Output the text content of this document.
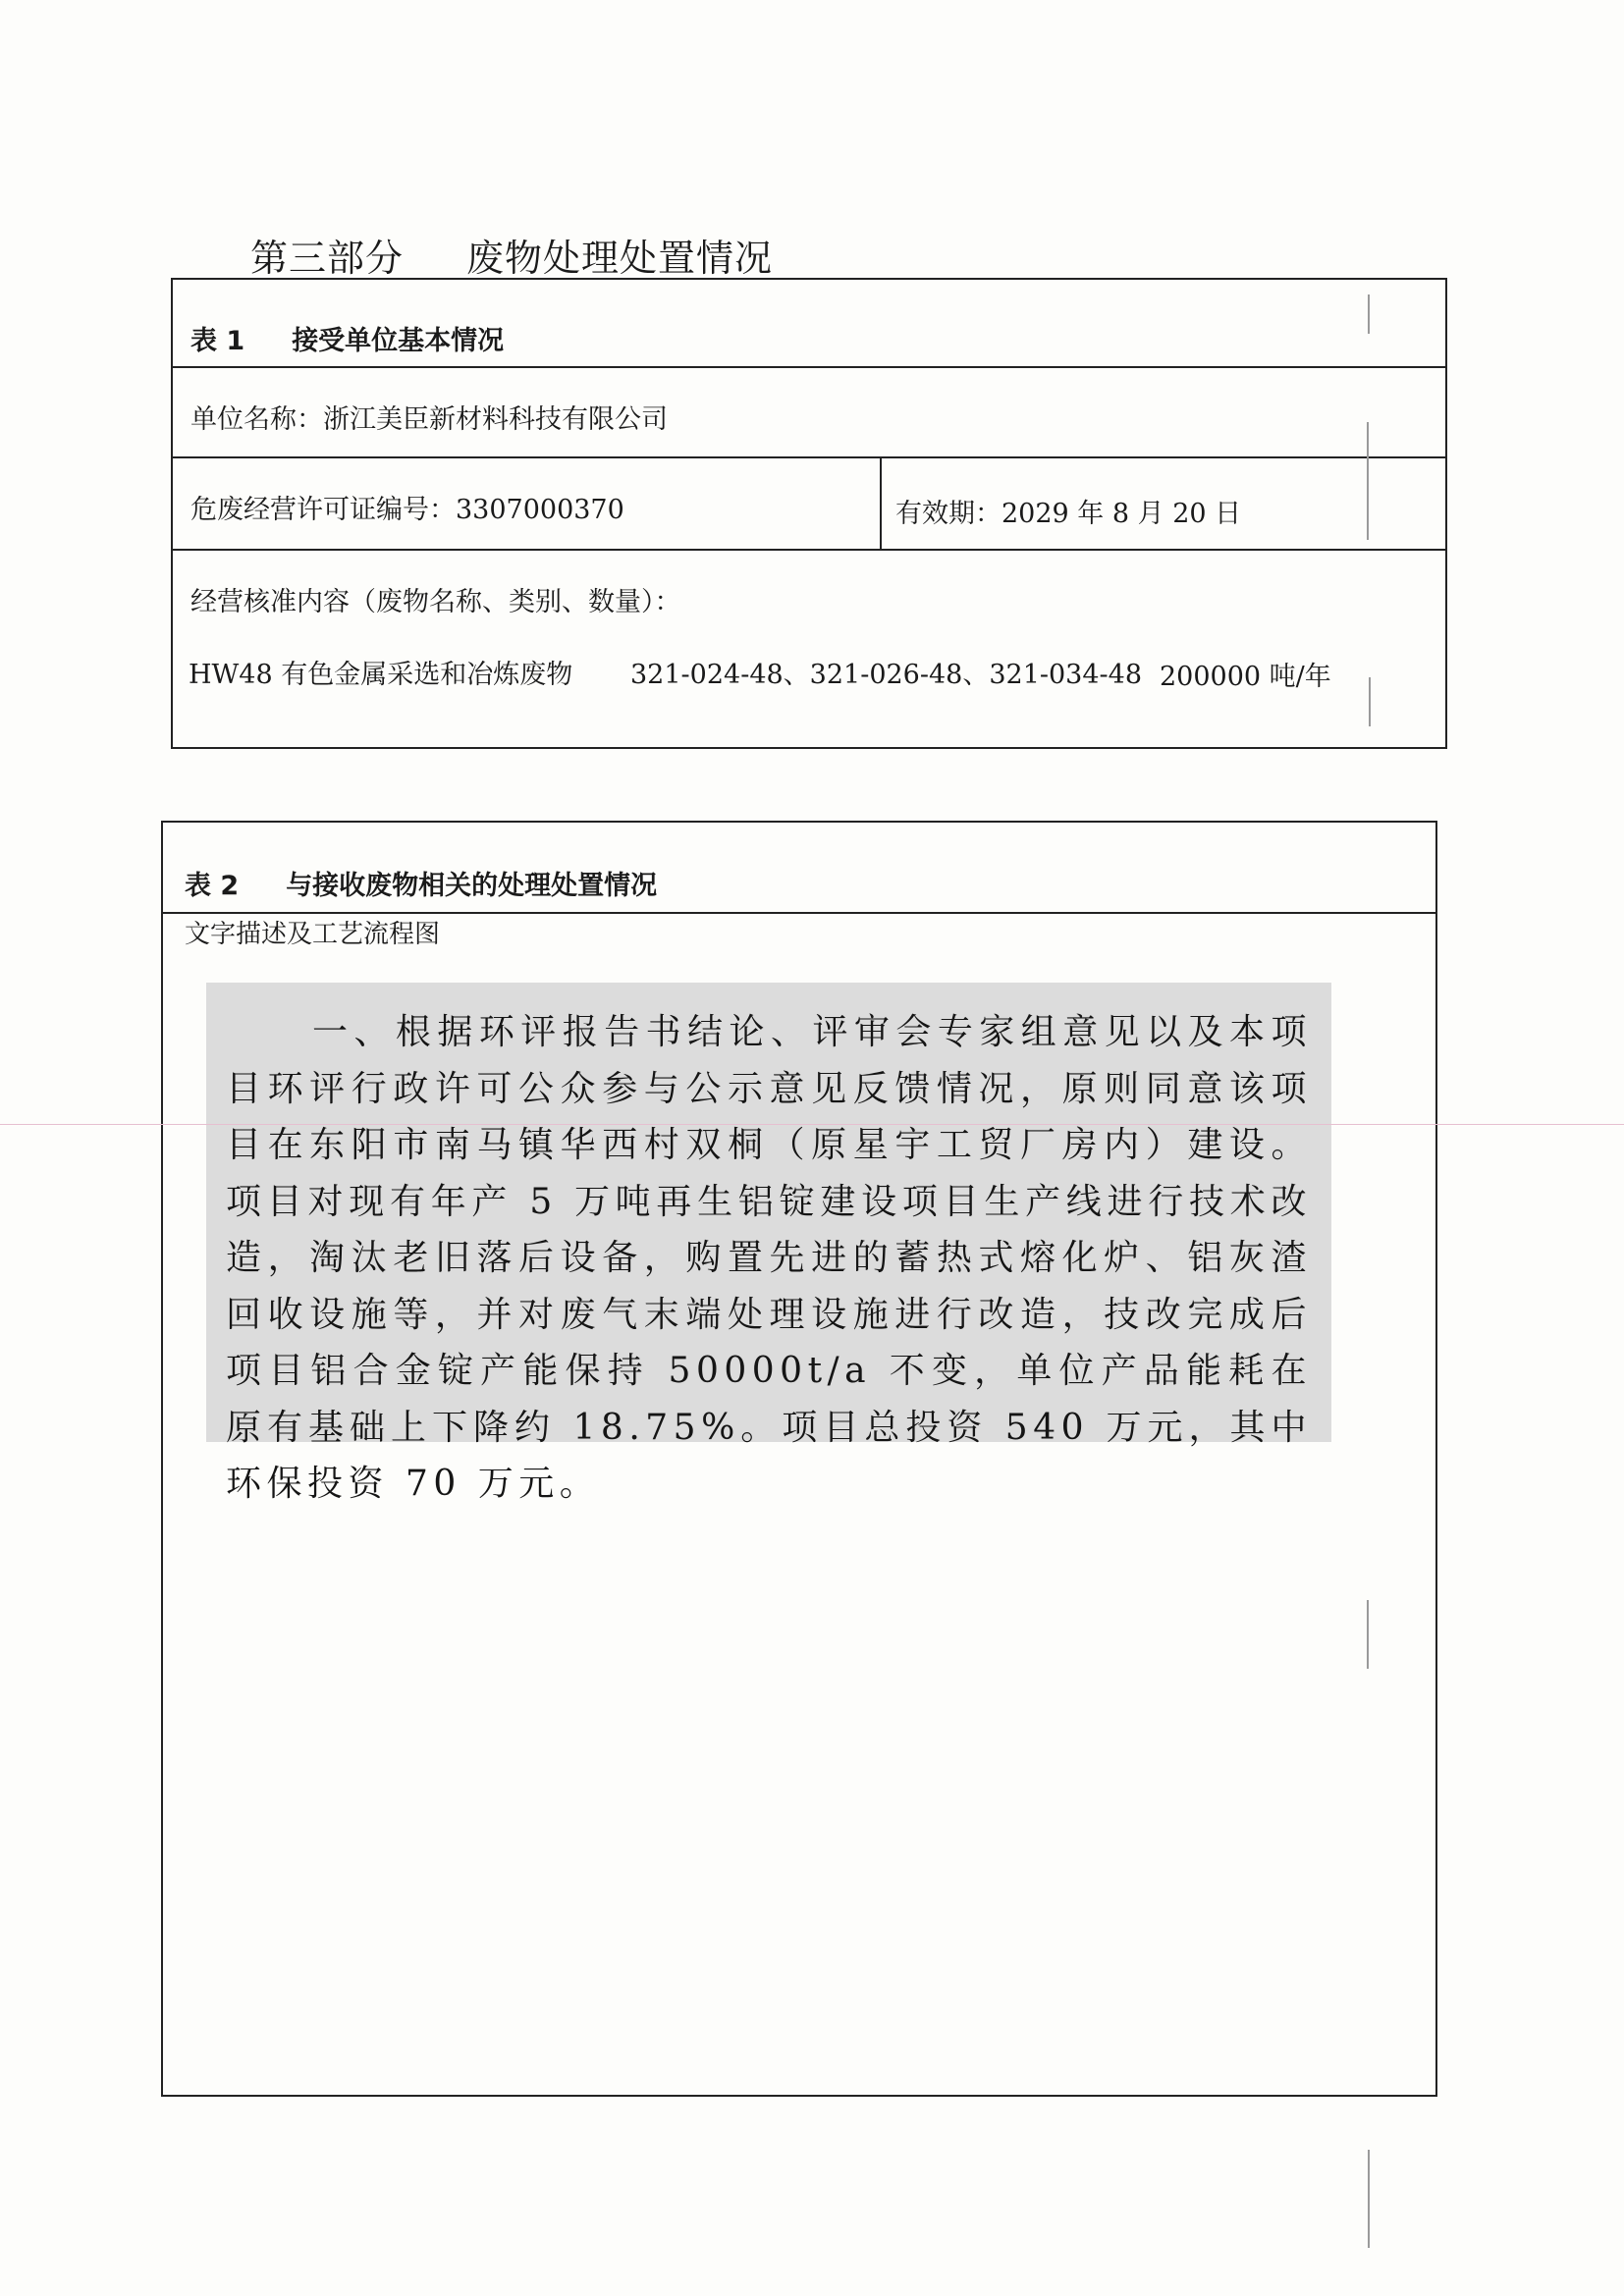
第三部分 废物处理处置情况
表 1 接受单位基本情况
单位名称：浙江美臣新材料科技有限公司
危废经营许可证编号：3307000370	有效期：2029 年 8 月 20 日
经营核准内容（废物名称、类别、数量）：
HW48 有色金属采选和冶炼废物 321-024-48、321-026-48、321-034-48 200000 吨/年
表 2 与接收废物相关的处理处置情况
文字描述及工艺流程图

一、根据环评报告书结论、评审会专家组意见以及本项目环评行政许可公众参与公示意见反馈情况，原则同意该项目在东阳市南马镇华西村双桐（原星宇工贸厂房内）建设。项目对现有年产 5 万吨再生铝锭建设项目生产线进行技术改造，淘汰老旧落后设备，购置先进的蓄热式熔化炉、铝灰渣回收设施等，并对废气末端处理设施进行改造，技改完成后项目铝合金锭产能保持 50000t/a 不变，单位产品能耗在原有基础上下降约 18.75%。项目总投资 540 万元，其中环保投资 70 万元。
